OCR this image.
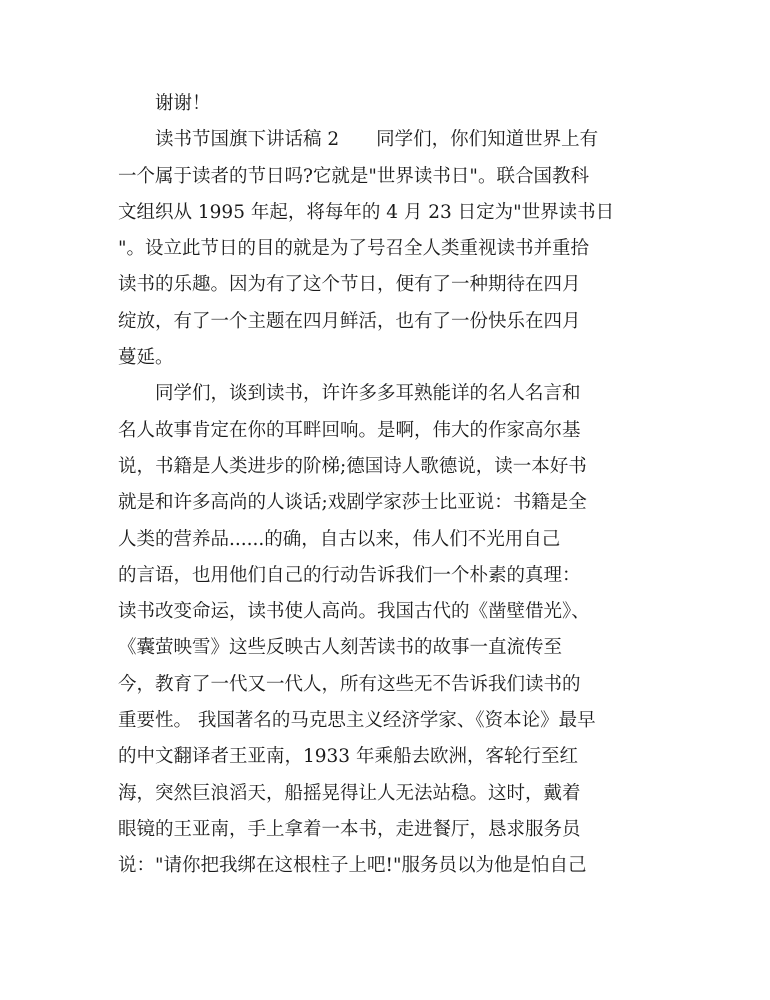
　　谢谢！
　　读书节国旗下讲话稿 2　　同学们，你们知道世界上有
一个属于读者的节日吗?它就是"世界读书日"。联合国教科
文组织从 1995 年起，将每年的 4 月 23 日定为"世界读书日
"。设立此节日的目的就是为了号召全人类重视读书并重拾
读书的乐趣。因为有了这个节日，便有了一种期待在四月
绽放，有了一个主题在四月鲜活，也有了一份快乐在四月
蔓延。
　　同学们，谈到读书，许许多多耳熟能详的名人名言和
名人故事肯定在你的耳畔回响。是啊，伟大的作家高尔基
说，书籍是人类进步的阶梯;德国诗人歌德说，读一本好书
就是和许多高尚的人谈话;戏剧学家莎士比亚说：书籍是全
人类的营养品......的确，自古以来，伟人们不光用自己
的言语，也用他们自己的行动告诉我们一个朴素的真理：
读书改变命运，读书使人高尚。我国古代的《凿壁借光》、
《囊萤映雪》这些反映古人刻苦读书的故事一直流传至
今，教育了一代又一代人，所有这些无不告诉我们读书的
重要性。 我国著名的马克思主义经济学家、《资本论》最早
的中文翻译者王亚南，1933 年乘船去欧洲，客轮行至红
海，突然巨浪滔天，船摇晃得让人无法站稳。这时，戴着
眼镜的王亚南，手上拿着一本书，走进餐厅，恳求服务员
说："请你把我绑在这根柱子上吧!"服务员以为他是怕自己
